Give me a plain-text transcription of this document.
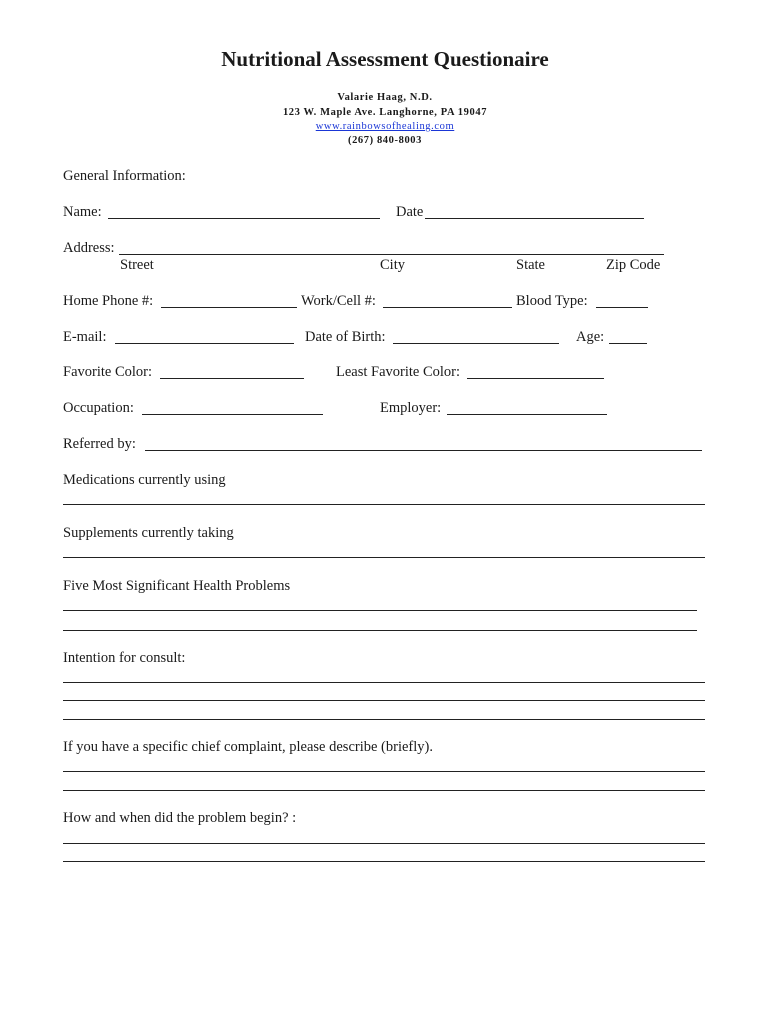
Nutritional Assessment Questionaire
Valarie Haag, N.D.
123 W. Maple Ave. Langhorne, PA 19047
www.rainbowsofhealing.com
(267) 840-8003
General Information:
Name:	Date
Address:
Street	City	State	Zip Code
Home Phone #:	Work/Cell #:	Blood Type:
E-mail:	Date of Birth:	Age:
Favorite Color:	Least Favorite Color:
Occupation:	Employer:
Referred by:
Medications currently using
Supplements currently taking
Five Most Significant Health Problems
Intention for consult:
If you have a specific chief complaint, please describe (briefly).
How and when did the problem begin? :
